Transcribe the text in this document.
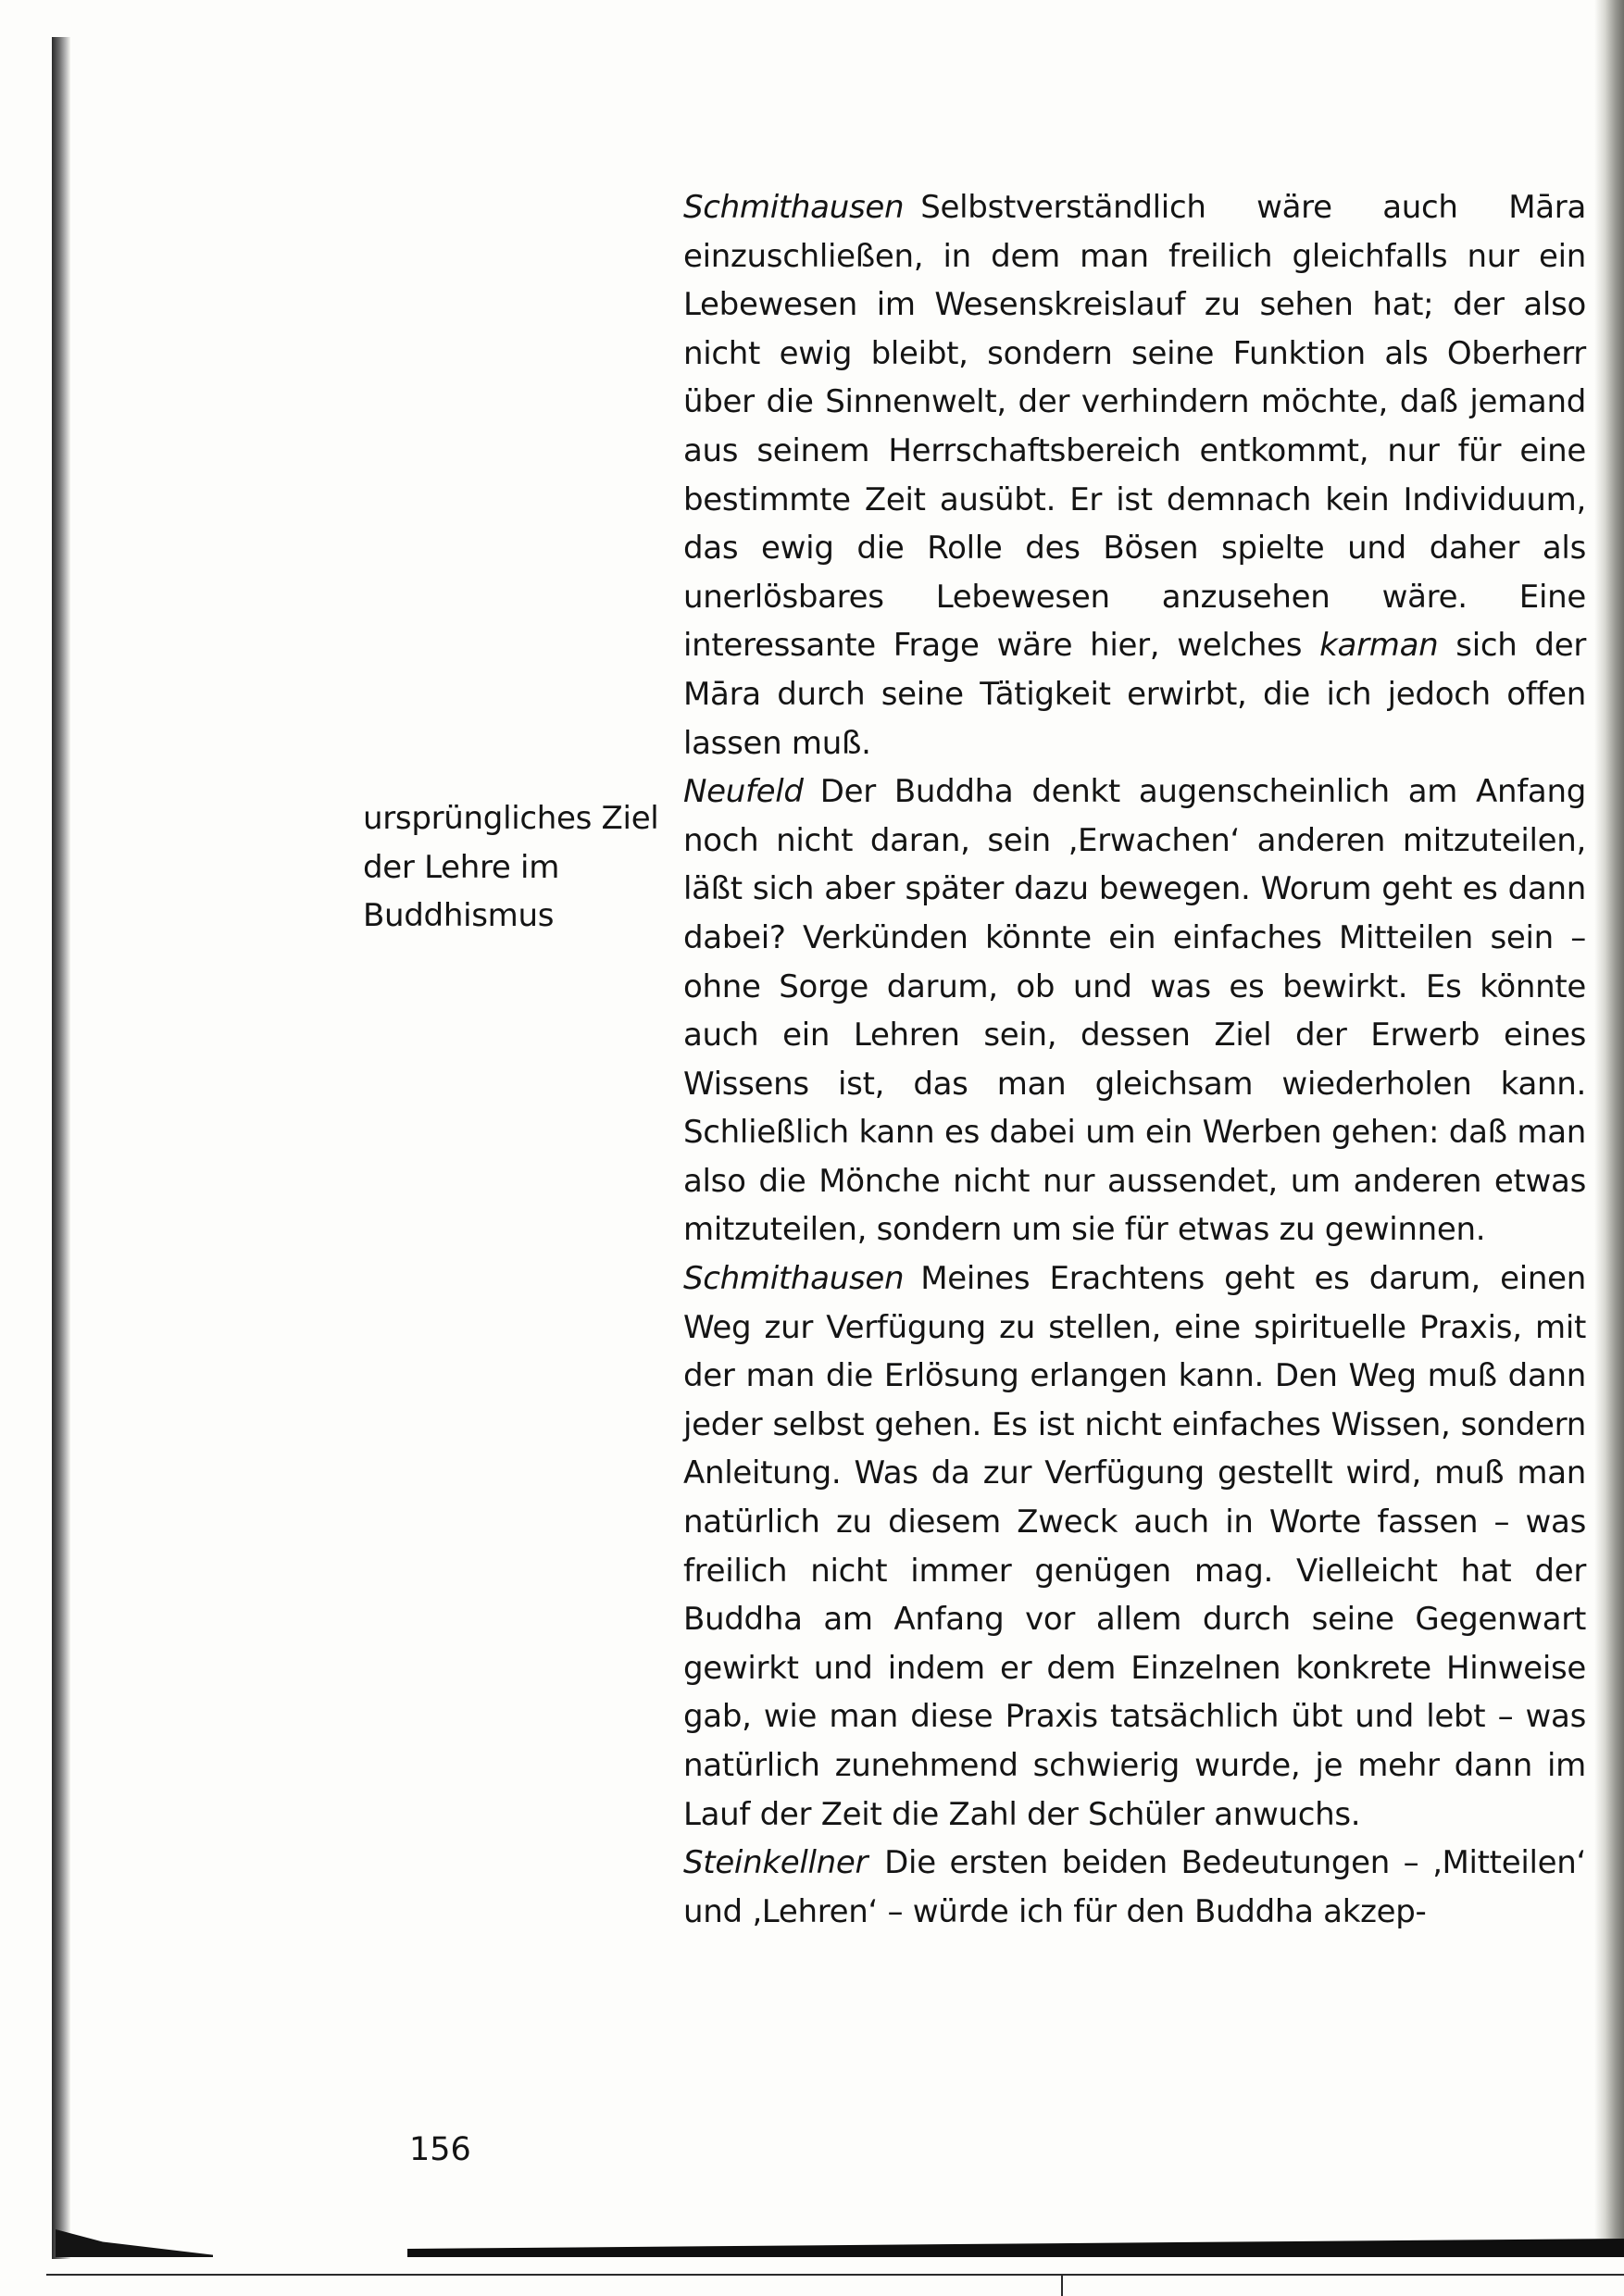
ursprüngliches Ziel der Lehre im Buddhismus

Schmithausen Selbstverständlich wäre auch Māra einzuschließen, in dem man freilich gleichfalls nur ein Lebewesen im Wesenskreislauf zu sehen hat; der also nicht ewig bleibt, sondern seine Funktion als Oberherr über die Sinnenwelt, der verhindern möchte, daß jemand aus seinem Herrschaftsbereich entkommt, nur für eine bestimmte Zeit ausübt. Er ist demnach kein Individuum, das ewig die Rolle des Bösen spielte und daher als unerlösbares Lebewesen anzusehen wäre. Eine interessante Frage wäre hier, welches karman sich der Māra durch seine Tätigkeit erwirbt, die ich jedoch offen lassen muß.

Neufeld Der Buddha denkt augenscheinlich am Anfang noch nicht daran, sein ‚Erwachen‘ anderen mitzuteilen, läßt sich aber später dazu bewegen. Worum geht es dann dabei? Verkünden könnte ein einfaches Mitteilen sein – ohne Sorge darum, ob und was es bewirkt. Es könnte auch ein Lehren sein, dessen Ziel der Erwerb eines Wissens ist, das man gleichsam wiederholen kann. Schließlich kann es dabei um ein Werben gehen: daß man also die Mönche nicht nur aussendet, um anderen etwas mitzuteilen, sondern um sie für etwas zu gewinnen.

Schmithausen Meines Erachtens geht es darum, einen Weg zur Verfügung zu stellen, eine spirituelle Praxis, mit der man die Erlösung erlangen kann. Den Weg muß dann jeder selbst gehen. Es ist nicht einfaches Wissen, sondern Anleitung. Was da zur Verfügung gestellt wird, muß man natürlich zu diesem Zweck auch in Worte fassen – was freilich nicht immer genügen mag. Vielleicht hat der Buddha am Anfang vor allem durch seine Gegenwart gewirkt und indem er dem Einzelnen konkrete Hinweise gab, wie man diese Praxis tatsächlich übt und lebt – was natürlich zunehmend schwierig wurde, je mehr dann im Lauf der Zeit die Zahl der Schüler anwuchs.

Steinkellner Die ersten beiden Bedeutungen – ‚Mitteilen‘ und ‚Lehren‘ – würde ich für den Buddha akzep-

156
